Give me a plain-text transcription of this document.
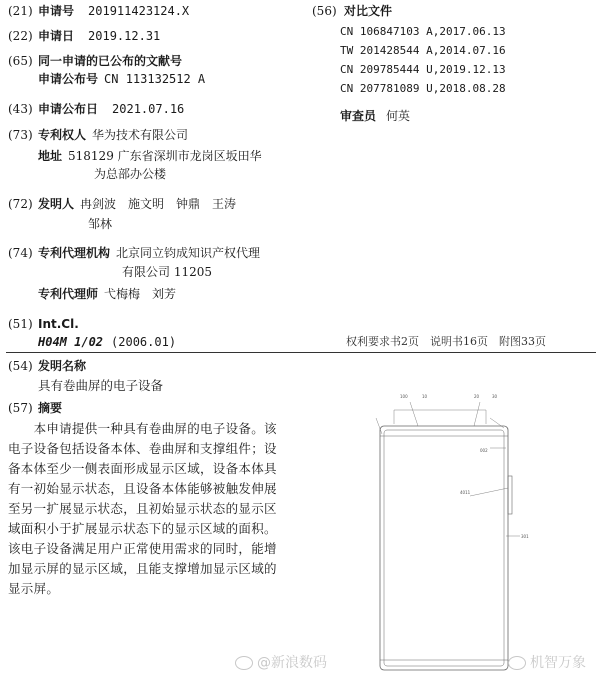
(21) 申请号 201911423124.X
(22) 申请日 2019.12.31
(65) 同一申请的已公布的文献号
申请公布号 CN 113132512 A
(43) 申请公布日 2021.07.16
(73) 专利权人 华为技术有限公司
地址 518129 广东省深圳市龙岗区坂田华
为总部办公楼
(72) 发明人 冉剑波　施文明　钟鼎　王涛
邹林
(74) 专利代理机构 北京同立钧成知识产权代理
有限公司 11205
专利代理师 弋梅梅　刘芳
(51) Int.Cl.
H04M 1/02 (2006.01)
(56) 对比文件
CN 106847103 A,2017.06.13
TW 201428544 A,2014.07.16
CN 209785444 U,2019.12.13
CN 207781089 U,2018.08.28
审查员 何英
权利要求书2页　说明书16页　附图33页
(54) 发明名称
具有卷曲屏的电子设备
(57) 摘要
　　本申请提供一种具有卷曲屏的电子设备。该
电子设备包括设备本体、卷曲屏和支撑组件；设
备本体至少一侧表面形成显示区域，设备本体具
有一初始显示状态，且设备本体能够被触发伸展
至另一扩展显示状态，且初始显示状态的显示区
域面积小于扩展显示状态下的显示区域的面积。
该电子设备满足用户正常使用需求的同时，能增
加显示屏的显示区域，且能支撑增加显示区域的
显示屏。
100	10	20	30
002
4011
301
@新浪数码	机智万象
